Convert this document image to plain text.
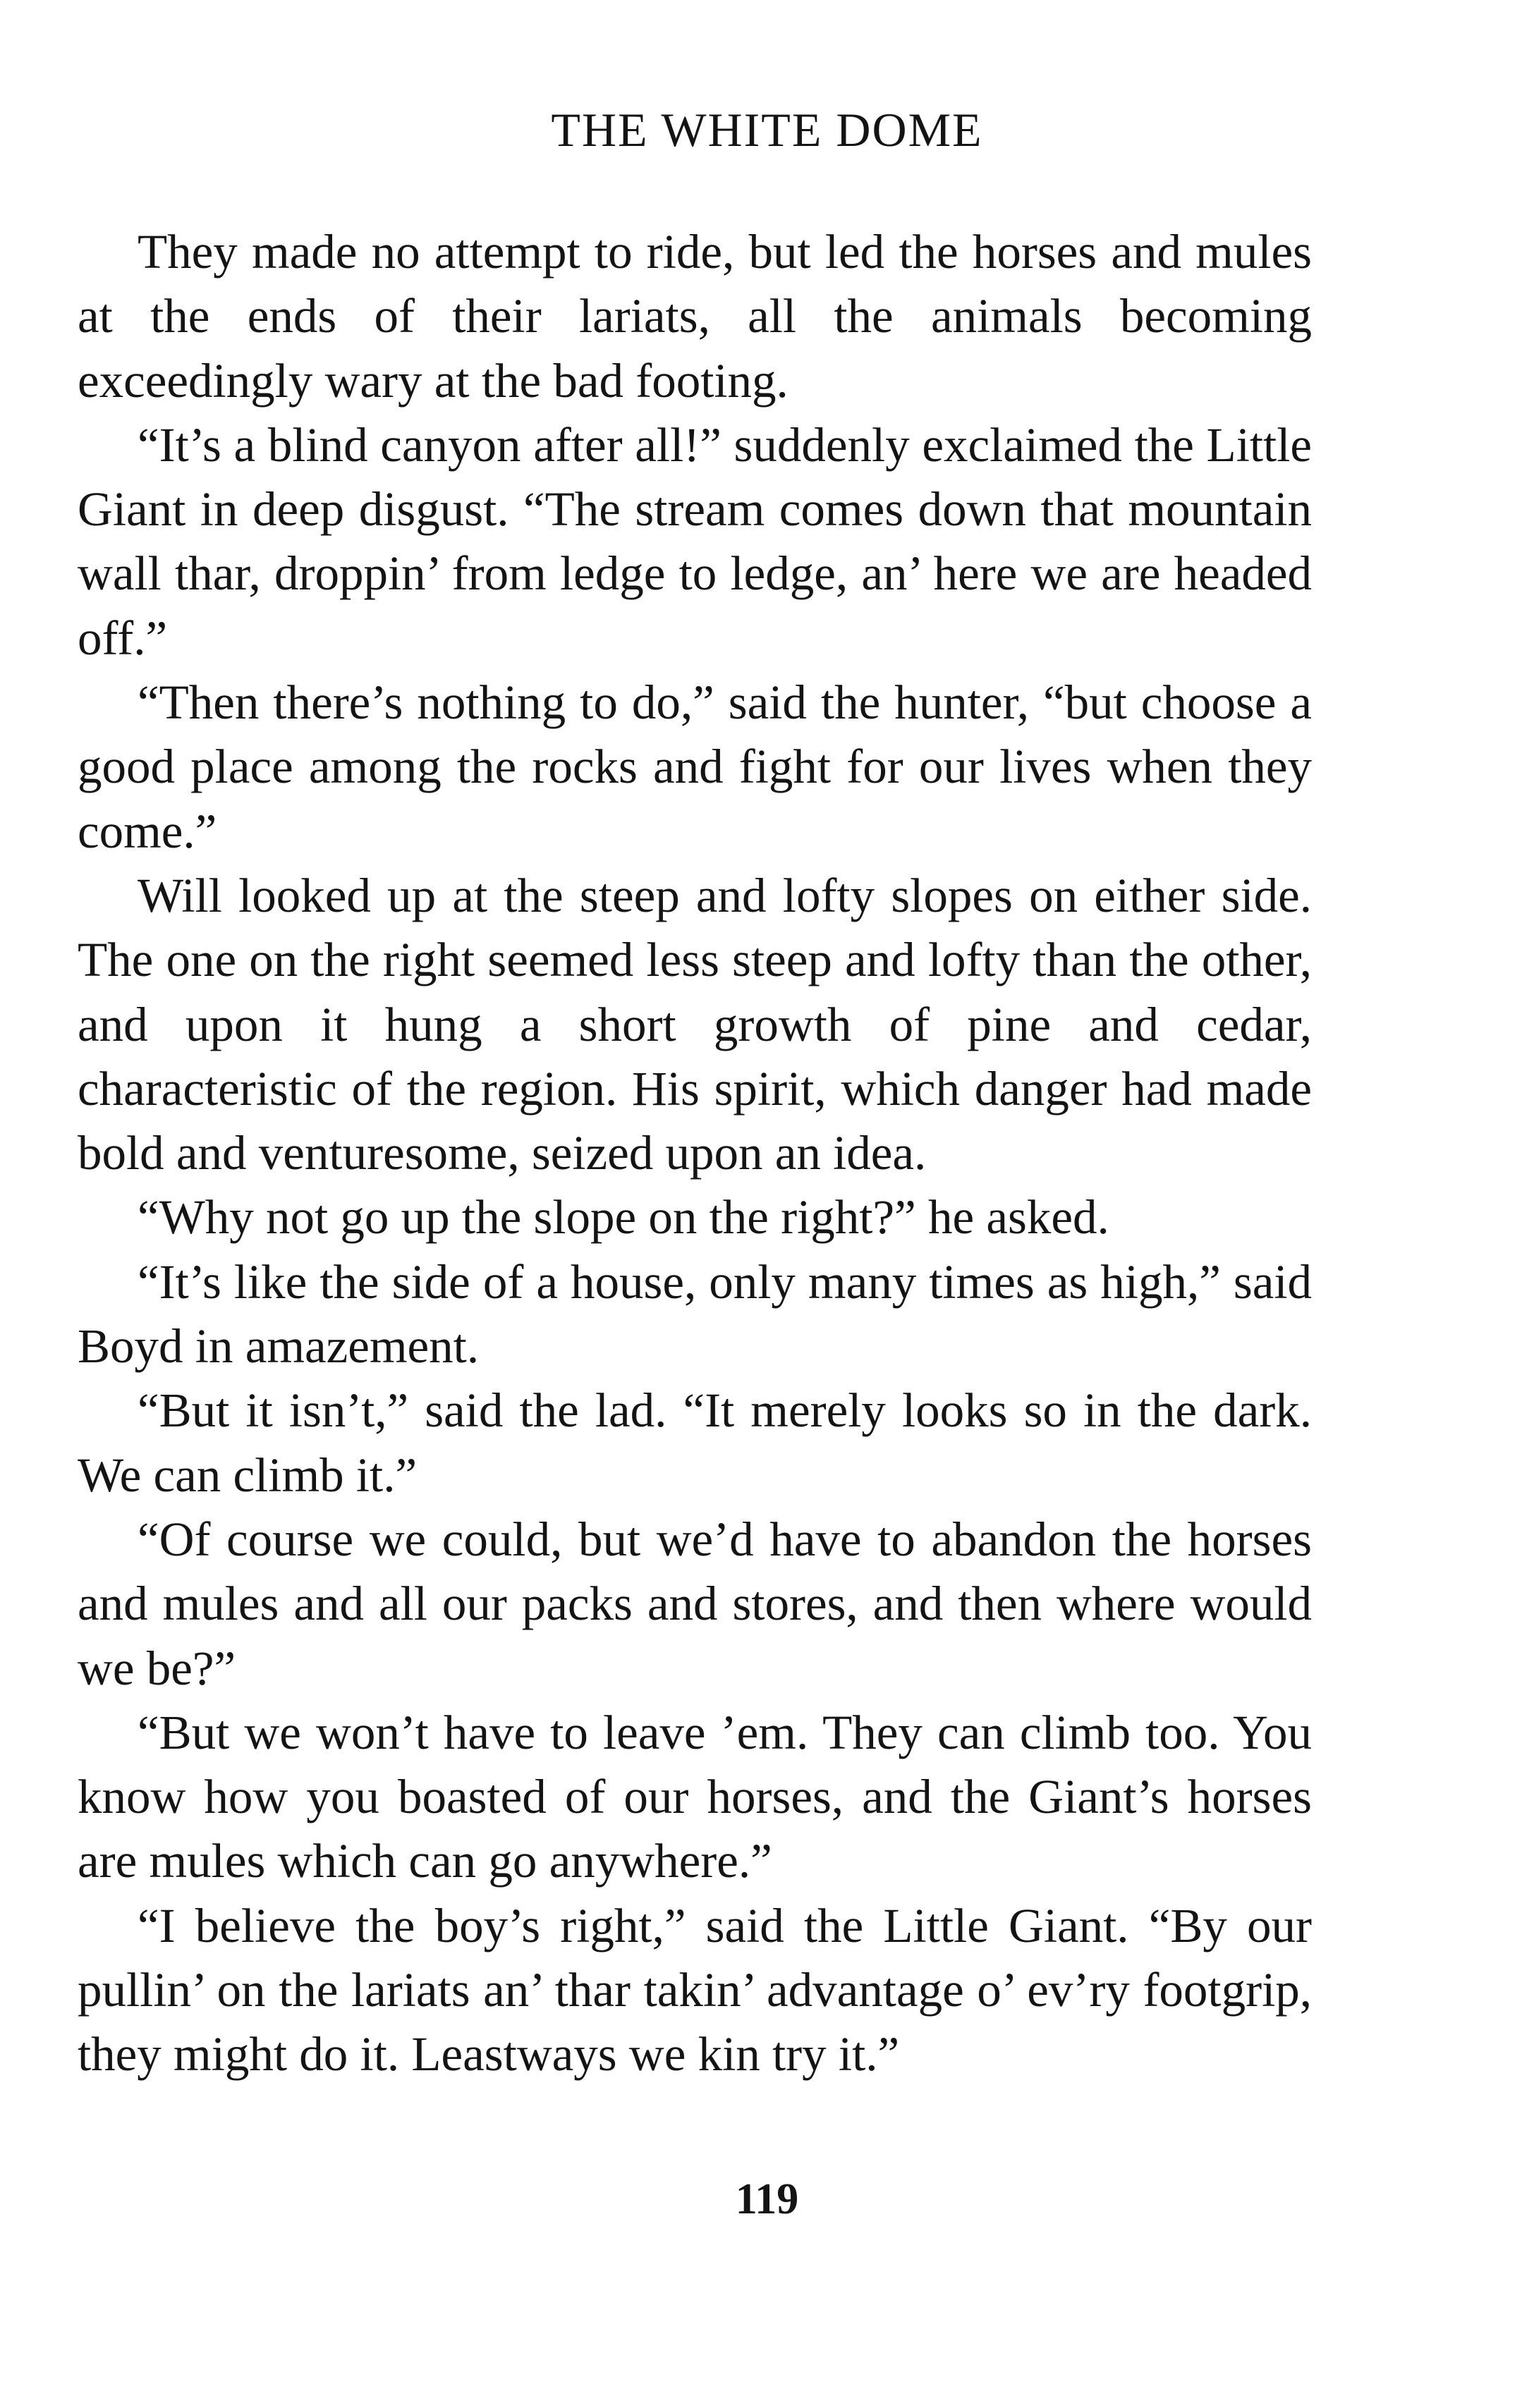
THE WHITE DOME

They made no attempt to ride, but led the horses and mules at the ends of their lariats, all the animals becoming exceedingly wary at the bad footing.

“It’s a blind canyon after all!” suddenly exclaimed the Little Giant in deep disgust. “The stream comes down that mountain wall thar, droppin’ from ledge to ledge, an’ here we are headed off.”

“Then there’s nothing to do,” said the hunter, “but choose a good place among the rocks and fight for our lives when they come.”

Will looked up at the steep and lofty slopes on either side. The one on the right seemed less steep and lofty than the other, and upon it hung a short growth of pine and cedar, characteristic of the region. His spirit, which danger had made bold and venturesome, seized upon an idea.

“Why not go up the slope on the right?” he asked.

“It’s like the side of a house, only many times as high,” said Boyd in amazement.

“But it isn’t,” said the lad. “It merely looks so in the dark. We can climb it.”

“Of course we could, but we’d have to abandon the horses and mules and all our packs and stores, and then where would we be?”

“But we won’t have to leave ’em. They can climb too. You know how you boasted of our horses, and the Giant’s horses are mules which can go anywhere.”

“I believe the boy’s right,” said the Little Giant. “By our pullin’ on the lariats an’ thar takin’ advantage o’ ev’ry footgrip, they might do it. Leastways we kin try it.”

119
